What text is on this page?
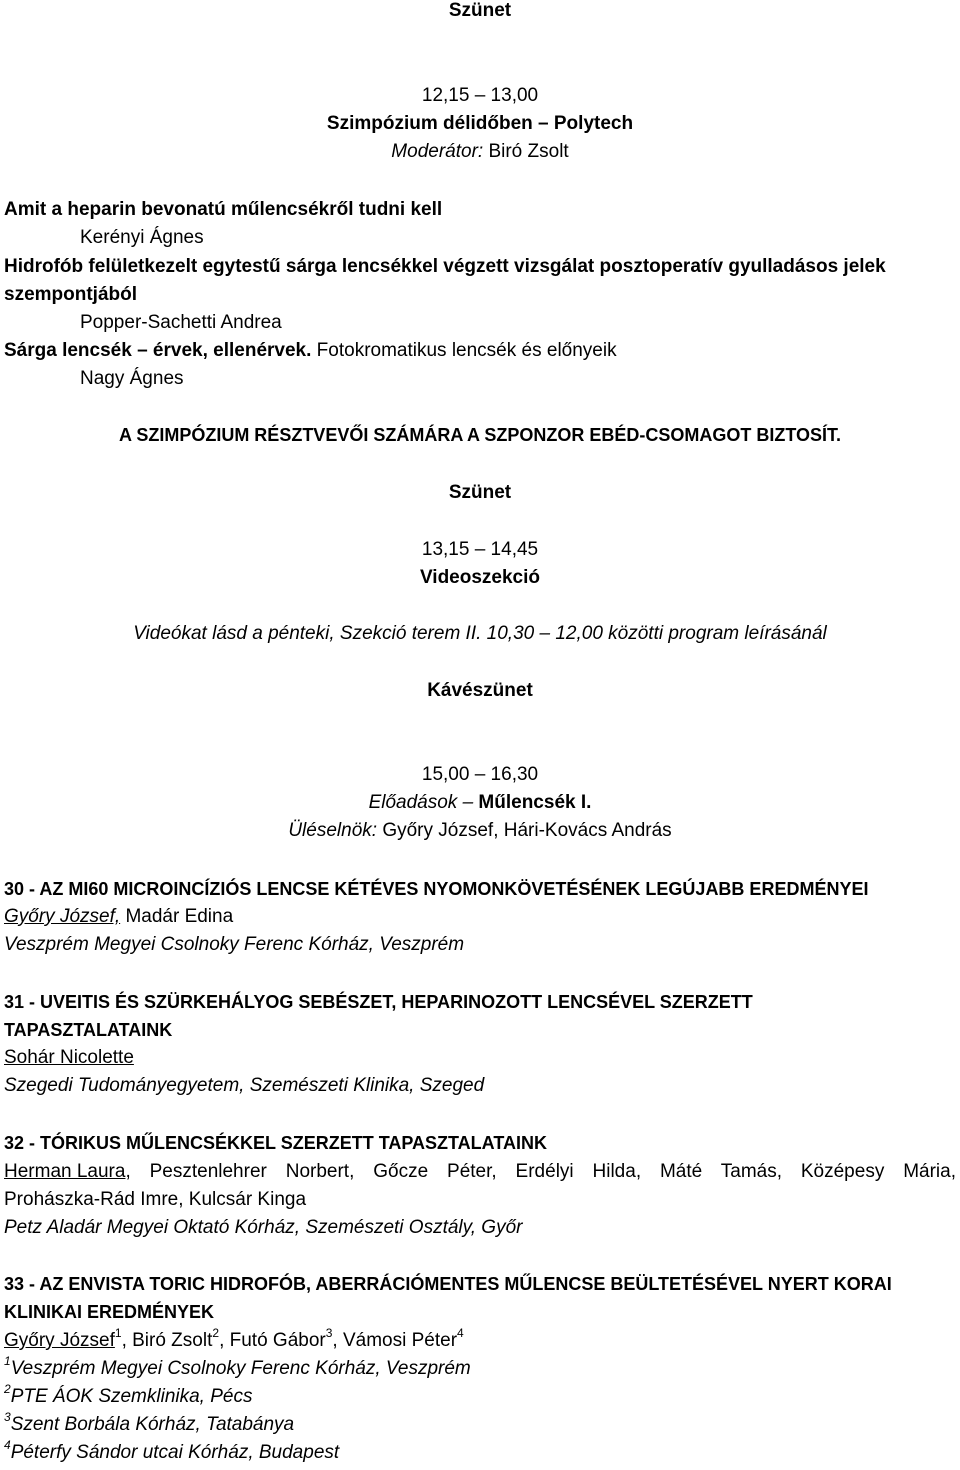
Szünet
12,15 – 13,00
Szimpózium délidőben – Polytech
Moderátor: Biró Zsolt
Amit a heparin bevonatú műlencsékről tudni kell
Kerényi Ágnes
Hidrofób felületkezelt egytestű sárga lencsékkel végzett vizsgálat posztoperatív gyulladásos jelek
szempontjából
Popper-Sachetti Andrea
Sárga lencsék – érvek, ellenérvek. Fotokromatikus lencsék és előnyeik
Nagy Ágnes
A SZIMPÓZIUM RÉSZTVEVŐI SZÁMÁRA A SZPONZOR EBÉD-CSOMAGOT BIZTOSÍT.
Szünet
13,15 – 14,45
Videoszekció
Videókat lásd a pénteki, Szekció terem II. 10,30 – 12,00 közötti program leírásánál
Kávészünet
15,00 – 16,30
Előadások – Műlencsék I.
Üléselnök: Győry József, Hári-Kovács András
30 - AZ MI60 MICROINCÍZIÓS LENCSE KÉTÉVES NYOMONKÖVETÉSÉNEK LEGÚJABB EREDMÉNYEI
Győry József, Madár Edina
Veszprém Megyei Csolnoky Ferenc Kórház, Veszprém
31 - UVEITIS ÉS SZÜRKEHÁLYOG SEBÉSZET, HEPARINOZOTT LENCSÉVEL SZERZETT
TAPASZTALATAINK
Sohár Nicolette
Szegedi Tudományegyetem, Szemészeti Klinika, Szeged
32 - TÓRIKUS MŰLENCSÉKKEL SZERZETT TAPASZTALATAINK
Herman Laura , Pesztenlehrer Norbert, Gőcze Péter, Erdélyi Hilda, Máté Tamás, Középesy Mária,
Prohászka-Rád Imre, Kulcsár Kinga
Petz Aladár Megyei Oktató Kórház, Szemészeti Osztály, Győr
33 - AZ ENVISTA TORIC HIDROFÓB, ABERRÁCIÓMENTES MŰLENCSE BEÜLTETÉSÉVEL NYERT KORAI
KLINIKAI EREDMÉNYEK
Győry József$^1$, Biró Zsolt$^2$, Futó Gábor$^3$, Vámosi Péter$^4$
$^1$Veszprém Megyei Csolnoky Ferenc Kórház, Veszprém
$^2$PTE ÁOK Szemklinika, Pécs
$^3$Szent Borbála Kórház, Tatabánya
$^4$Péterfy Sándor utcai Kórház, Budapest
